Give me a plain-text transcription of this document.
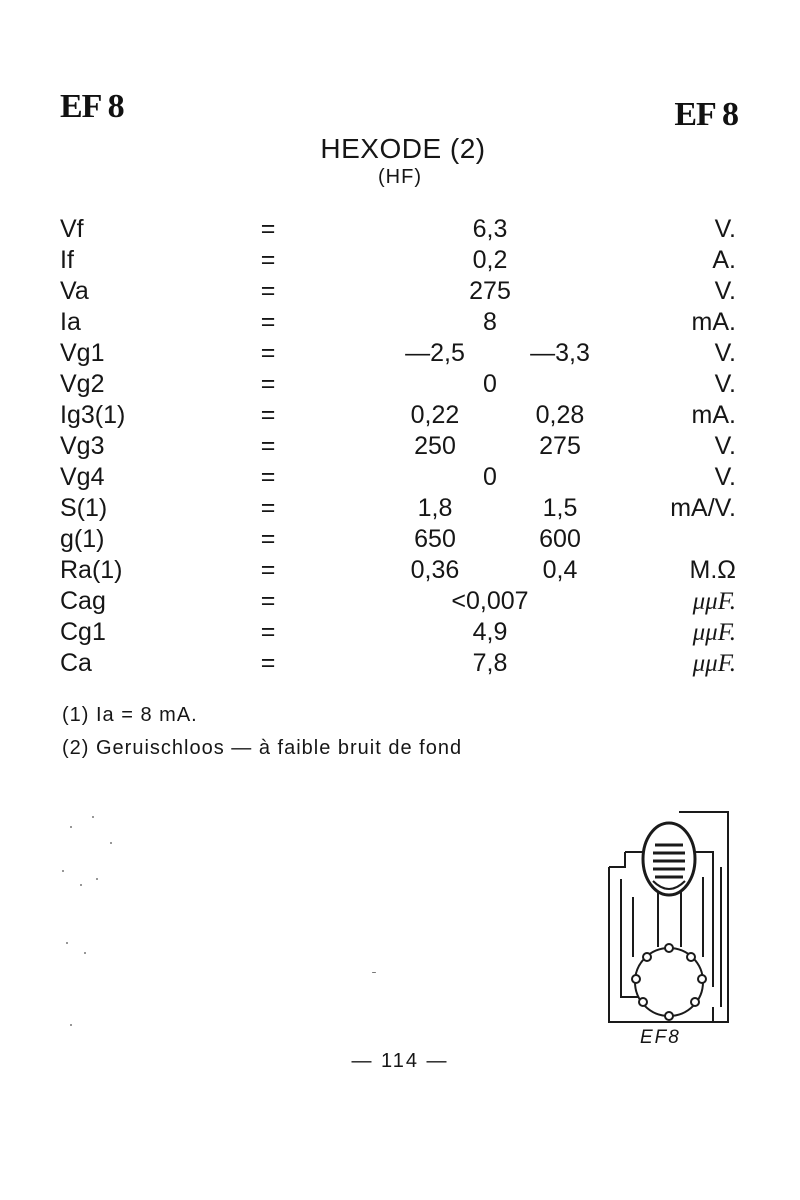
EF 8	EF 8
HEXODE (2)
(HF)
Vf	=	6,3	V.
If	=	0,2	A.
Va	=	275	V.
Ia	=	8	mA.
Vg1	=	—2,5	—3,3	V.
Vg2	=	0	V.
Ig3(1)	=	0,22	0,28	mA.
Vg3	=	250	275	V.
Vg4	=	0	V.
S(1)	=	1,8	1,5	mA/V.
g(1)	=	650	600
Ra(1)	=	0,36	0,4	M.Ω
Cag	=	<0,007	μμF.
Cg1	=	4,9	μμF.
Ca	=	7,8	μμF.
(1) Ia = 8 mA.
(2) Geruischloos — à faible bruit de fond
EF8
— 114 —
